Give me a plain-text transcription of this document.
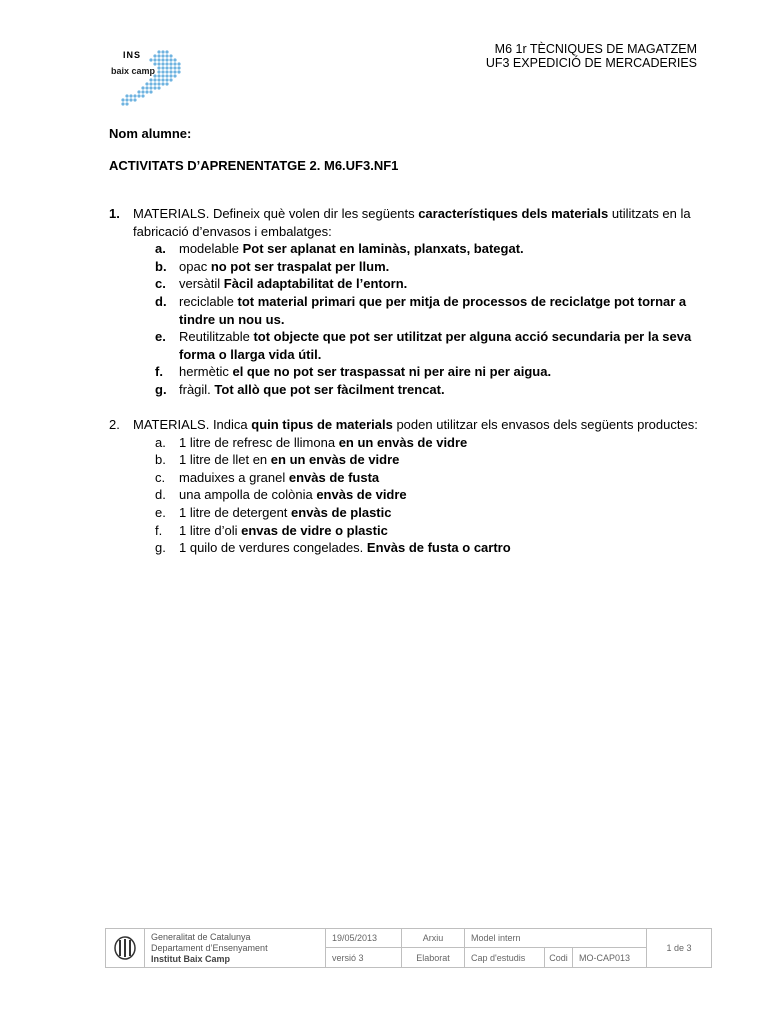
INS
baix camp
M6 1r TÈCNIQUES DE MAGATZEM
UF3 EXPEDICIÓ DE MERCADERIES
Nom alumne:
ACTIVITATS D’APRENENTATGE 2. M6.UF3.NF1
1. MATERIALS. Defineix què volen dir les següents característiques dels materials utilitzats en la fabricació d’envasos i embalatges:
a. modelable Pot ser aplanat en laminàs, planxats, bategat.
b. opac no pot ser traspalat per llum.
c. versàtil Fàcil adaptabilitat de l’entorn.
d. reciclable tot material primari que per mitja de processos de reciclatge pot tornar a tindre un nou us.
e. Reutilitzable tot objecte que pot ser utilitzat per alguna acció secundaria per la seva forma o llarga vida útil.
f. hermètic el que no pot ser traspassat ni per aire ni per aigua.
g. fràgil. Tot allò que pot ser fàcilment trencat.
2. MATERIALS. Indica quin tipus de materials poden utilitzar els envasos dels següents productes:
a. 1 litre de refresc de llimona en un envàs de vidre
b. 1 litre de llet en en un envàs de vidre
c. maduixes a granel envàs de fusta
d. una ampolla de colònia envàs de vidre
e. 1 litre de detergent envàs de plastic
f. 1 litre d’oli envas de vidre o plastic
g. 1 quilo de verdures congelades. Envàs de fusta o cartro
Generalitat de Catalunya
Departament d’Ensenyament
Institut Baix Camp
19/05/2013	Arxiu	Model intern
1 de 3
versió 3	Elaborat	Cap d'estudis	Codi	MO-CAP013
